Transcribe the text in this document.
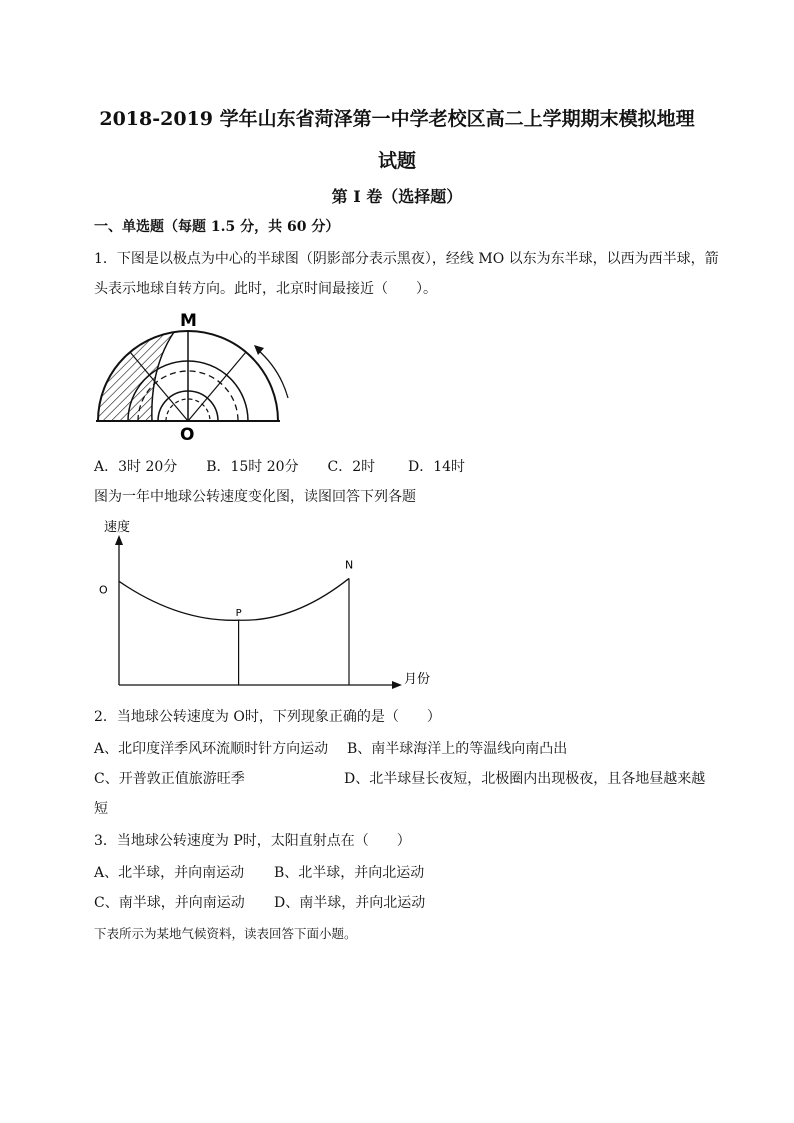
2018-2019 学年山东省菏泽第一中学老校区高二上学期期末模拟地理
试题
第 I 卷（选择题）
一、单选题（每题 1.5 分，共 60 分）
1．下图是以极点为中心的半球图（阴影部分表示黑夜），经线 MO 以东为东半球，以西为西半球，箭
头表示地球自转方向。此时，北京时间最接近（　　）。
M
O
A．3时 20分 B．15时 20分 C．2时 D．14时
图为一年中地球公转速度变化图，读图回答下列各题
速度
月份
O
P
N
2．当地球公转速度为 O时，下列现象正确的是（　　）
A、北印度洋季风环流顺时针方向运动 B、南半球海洋上的等温线向南凸出
C、开普敦正值旅游旺季	D、北半球昼长夜短，北极圈内出现极夜，且各地昼越来越
短
3．当地球公转速度为 P时，太阳直射点在（　　）
A、北半球，并向南运动 B、北半球，并向北运动
C、南半球，并向南运动 D、南半球，并向北运动
下表所示为某地气候资料，读表回答下面小题。
